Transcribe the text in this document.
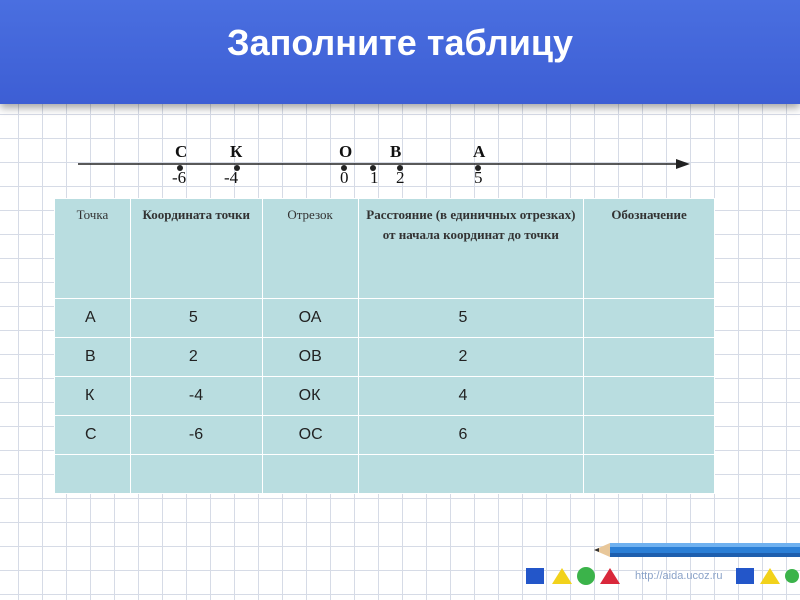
Заполните таблицу
С	К	О В	А
-6 -4	0 1 2	5
Точка	Координата точки	Отрезок	Расстояние (в единичных отрезках) от начала координат до точки	Обозначение
А	5	ОА	5	
В	2	ОВ	2	
К	-4	ОК	4	
С	-6	ОС	6	

http://aida.ucoz.ru
